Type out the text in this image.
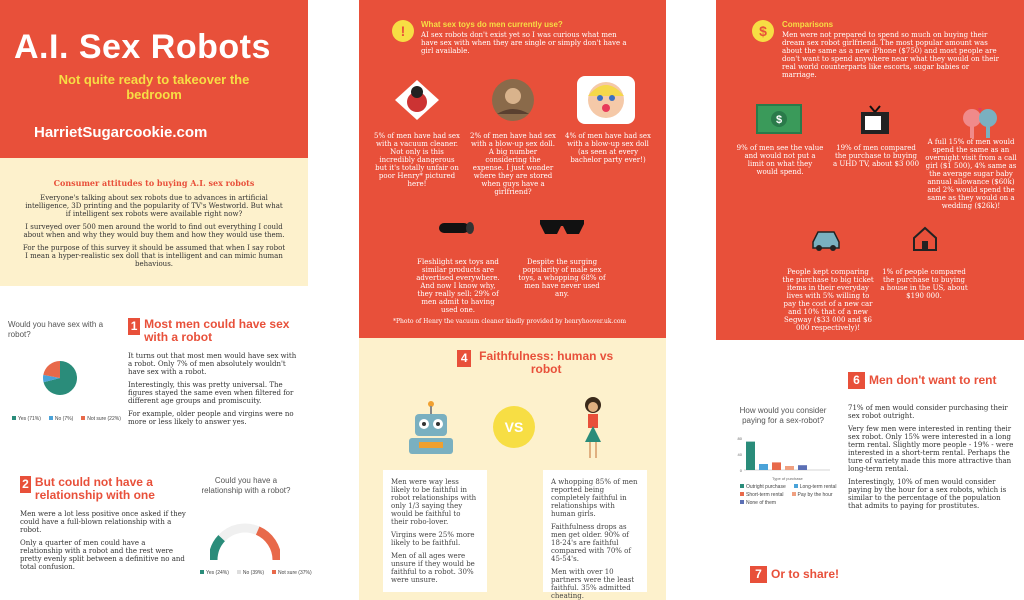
A.I. Sex Robots
Not quite ready to takeover the bedroom
HarrietSugarcookie.com
Consumer attitudes to buying A.I. sex robots

Everyone's talking about sex robots due to advances in artificial intelligence, 3D printing and the popularity of TV's Westworld. But what if intelligent sex robots were available right now?

I surveyed over 500 men around the world to find out everything I could about when and why they would buy them and how they would use them.

For the purpose of this survey it should be assumed that when I say robot I mean a hyper-realistic sex doll that is intelligent and can mimic human behavious.

Would you have sex with a robot?
Yes (71%)	No (7%)	Not sure (22%)
1 Most men could have sex with a robot

It turns out that most men would have sex with a robot. Only 7% of men absolutely wouldn't have sex with a robot.

Interestingly, this was pretty universal. The figures stayed the same even when filtered for different age groups and promiscuity.

For example, older people and virgins were no more or less likely to answer yes.

2 But could not have a relationship with one

Men were a lot less positive once asked if they could have a full-blown relationship with a robot.

Only a quarter of men could have a relationship with a robot and the rest were pretty evenly split between a definitive no and total confusion.

Could you have a relationship with a robot?
Yes (24%)	No (39%)	Not sure (37%)
!	What sex toys do men currently use?
AI sex robots don't exist yet so I was curious what men have sex with when they are single or simply don't have a girl available.
5% of men have had sex with a vacuum cleaner. Not only is this incredibly dangerous but it's totally unfair on poor Henry* pictured here!
2% of men have had sex with a blow-up sex doll. A big number considering the expense. I just wonder where they are stored when guys have a girlfriend?
4% of men have had sex with a blow-up sex doll (as seen at every bachelor party ever!)
Fleshlight sex toys and similar products are advertised everywhere. And now I know why, they really sell: 29% of men admit to having used one.
Despite the surging popularity of male sex toys, a whopping 68% of men have never used any.
*Photo of Henry the vacuum cleaner kindly provided by henryhoover.uk.com
4 Faithfulness: human vs robot
VS

Men were way less likely to be faithful in robot relationships with only 1/3 saying they would be faithful to their robo-lover.

Virgins were 25% more likely to be faithful.

Men of all ages were unsure if they would be faithful to a robot. 30% were unsure.

A whopping 85% of men reported being completely faithful in relationships with human girls.

Faithfulness drops as men get older. 90% of 18-24's are faithful compared with 70% of 45-54's.

Men with over 10 partners were the least faithful. 35% admitted cheating.

$	Comparisons
Men were not prepared to spend so much on buying their dream sex robot girlfriend. The most popular amount was about the same as a new iPhone ($750) and most people are don't want to spend anywhere near what they would on their real world counterparts like escorts, sugar babies or marriage.
$
9% of men see the value and would not put a limit on what they would spend.
19% of men compared the purchase to buying a UHD TV, about $3 000
A full 15% of men would spend the same as an overnight visit from a call girl ($1 500), 4% same as the average sugar baby annual allowance ($60k) and 2% would spend the same as they would on a wedding ($26k)!
People kept comparing the purchase to big ticket items in their everyday lives with 5% willing to pay the cost of a new car and 10% that of a new Segway ($33 000 and $6 000 respectively)!
1% of people compared the purchase to buying a house in the US, about $190 000.
6 Men don't want to rent
How would you consider paying for a sex-robot?
80
40
0
Type of purchase
Outright purchase	Long-term rental
Short-term rental	Pay by the hour
None of them

71% of men would consider purchasing their sex robot outright.

Very few men were interested in renting their sex robot. Only 15% were interested in a long term rental. Slightly more people - 19% - were interested in a short-term rental. Perhaps the ture of variety made this more attractive than long-term rental.

Interestingly, 10% of men would consider paying by the hour for a sex robots, which is similar to the percentage of the population that admits to paying for prostitutes.

7 Or to share!
